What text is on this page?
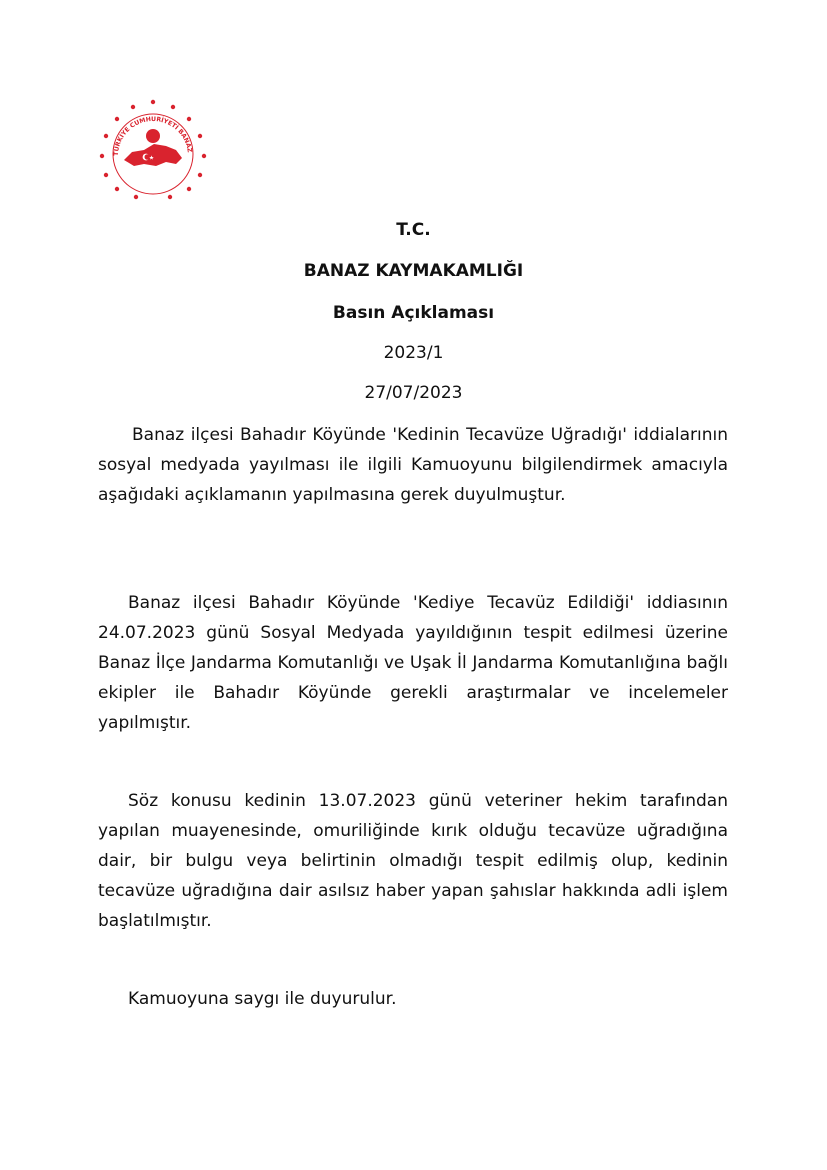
TÜRKİYE CUMHURİYETİ BANAZ
T.C.
BANAZ KAYMAKAMLIĞI
Basın Açıklaması
2023/1
27/07/2023
Banaz ilçesi Bahadır Köyünde 'Kedinin Tecavüze Uğradığı' iddialarının sosyal medyada yayılması ile ilgili Kamuoyunu bilgilendirmek amacıyla aşağıdaki açıklamanın yapılmasına gerek duyulmuştur.
Banaz ilçesi Bahadır Köyünde 'Kediye Tecavüz Edildiği' iddiasının 24.07.2023 günü Sosyal Medyada yayıldığının tespit edilmesi üzerine Banaz İlçe Jandarma Komutanlığı ve Uşak İl Jandarma Komutanlığına bağlı ekipler ile Bahadır Köyünde gerekli araştırmalar ve incelemeler yapılmıştır.
Söz konusu kedinin 13.07.2023 günü veteriner hekim tarafından yapılan muayenesinde, omuriliğinde kırık olduğu tecavüze uğradığına dair, bir bulgu veya belirtinin olmadığı tespit edilmiş olup, kedinin tecavüze uğradığına dair asılsız haber yapan şahıslar hakkında adli işlem başlatılmıştır.
Kamuoyuna saygı ile duyurulur.
